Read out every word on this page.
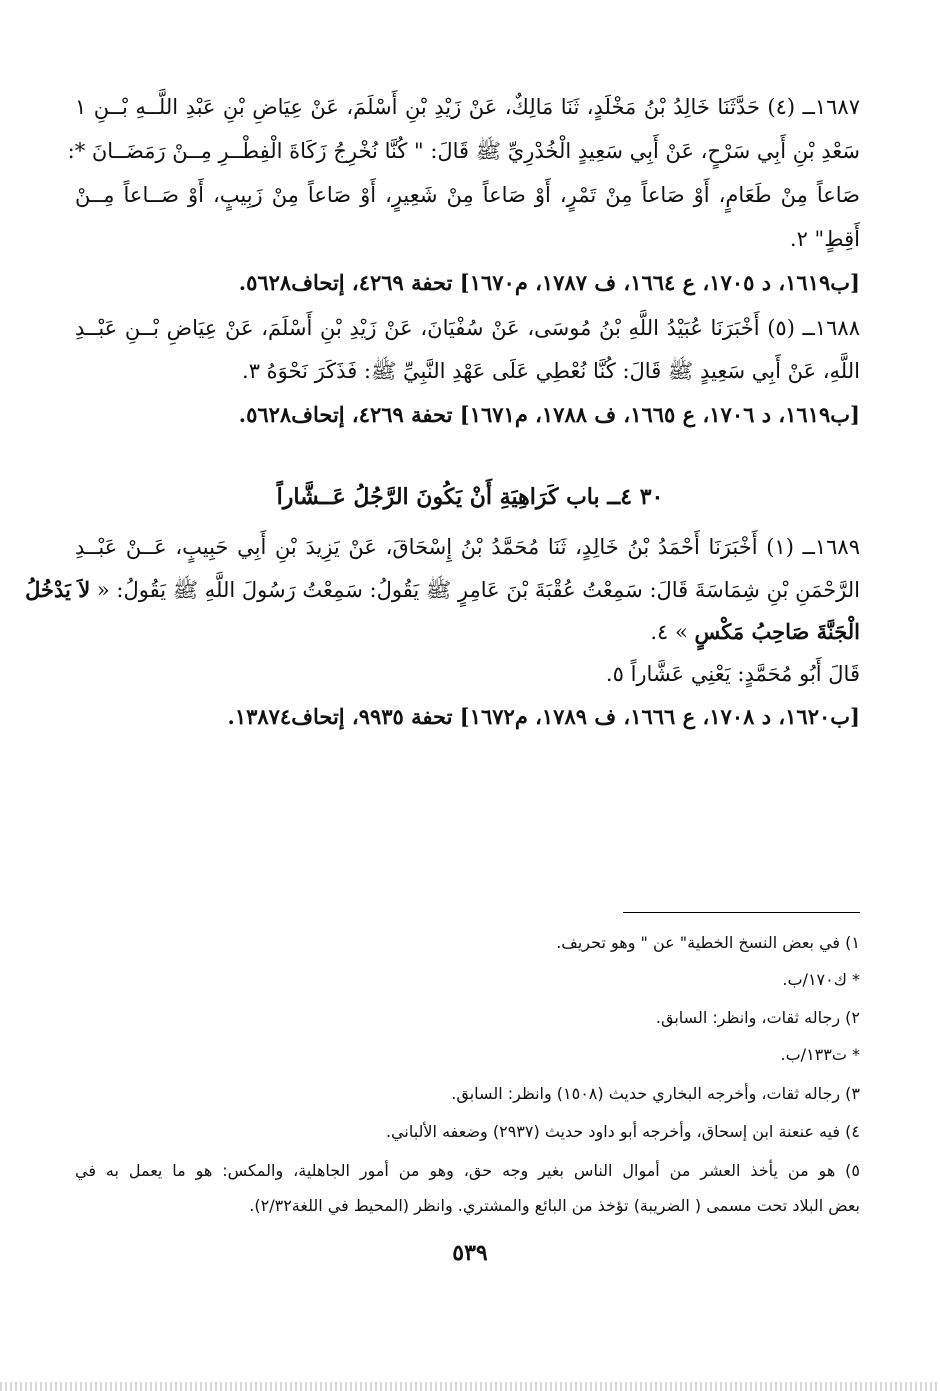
١٦٨٧ــ (٤) حَدَّثَنَا خَالِدُ بْنُ مَخْلَدٍ، ثَنَا مَالِكٌ، عَنْ زَيْدِ بْنِ أَسْلَمَ، عَنْ عِيَاضِ بْنِ عَبْدِ اللَّــهِ بْــنِ ١
سَعْدِ بْنِ أَبِي سَرْحٍ، عَنْ أَبِي سَعِيدٍ الْخُدْرِيِّ ﷺ قَالَ: " كُنَّا نُخْرِجُ زَكَاةَ الْفِطْــرِ مِــنْ رَمَضَــانَ *:
صَاعاً مِنْ طَعَامٍ، أَوْ صَاعاً مِنْ تَمْرٍ، أَوْ صَاعاً مِنْ شَعِيرٍ، أَوْ صَاعاً مِنْ زَبِيبٍ، أَوْ صَــاعاً مِــنْ
أَقِطٍ" ٢.
[ب١٦١٩، د ١٧٠٥، ع ١٦٦٤، ف ١٧٨٧، م١٦٧٠] تحفة ٤٢٦٩، إتحاف٥٦٢٨.
١٦٨٨ــ (٥) أَخْبَرَنَا عُبَيْدُ اللَّهِ بْنُ مُوسَى، عَنْ سُفْيَانَ، عَنْ زَيْدِ بْنِ أَسْلَمَ، عَنْ عِيَاضِ بْــنِ عَبْــدِ
اللَّهِ، عَنْ أَبِي سَعِيدٍ ﷺ قَالَ: كُنَّا نُعْطِي عَلَى عَهْدِ النَّبِيِّ ﷺ: فَذَكَرَ نَحْوَهُ ٣.
[ب١٦١٩، د ١٧٠٦، ع ١٦٦٥، ف ١٧٨٨، م١٦٧١] تحفة ٤٢٦٩، إتحاف٥٦٢٨.
٣٠ ٤ــ باب كَرَاهِيَةِ أَنْ يَكُونَ الرَّجُلُ عَــشَّاراً
١٦٨٩ــ (١) أَخْبَرَنَا أَحْمَدُ بْنُ خَالِدٍ، ثَنَا مُحَمَّدُ بْنُ إِسْحَاقَ، عَنْ يَزِيدَ بْنِ أَبِي حَبِيبٍ، عَــنْ عَبْــدِ
الرَّحْمَنِ بْنِ شِمَاسَةَ قَالَ: سَمِعْتُ عُقْبَةَ بْنَ عَامِرٍ ﷺ يَقُولُ: سَمِعْتُ رَسُولَ اللَّهِ ﷺ يَقُولُ: « لاَ يَدْخُلُ
الْجَنَّةَ صَاحِبُ مَكْسٍ » ٤.
قَالَ أَبُو مُحَمَّدٍ: يَعْنِي عَشَّاراً ٥.
[ب١٦٢٠، د ١٧٠٨، ع ١٦٦٦، ف ١٧٨٩، م١٦٧٢] تحفة ٩٩٣٥، إتحاف١٣٨٧٤.
١) في بعض النسخ الخطية" عن " وهو تحريف.
* ك١٧٠/ب.
٢) رجاله ثقات، وانظر: السابق.
* ت١٣٣/ب.
٣) رجاله ثقات، وأخرجه البخاري حديث (١٥٠٨) وانظر: السابق.
٤) فيه عنعنة ابن إسحاق، وأخرجه أبو داود حديث (٢٩٣٧) وضعفه الألباني.
٥) هو من يأخذ العشر من أموال الناس بغير وجه حق، وهو من أمور الجاهلية، والمكس: هو ما يعمل به في
بعض البلاد تحت مسمى ( الضريبة) تؤخذ من البائع والمشتري. وانظر (المحيط في اللغة٢/٣٢).
٥٣٩
